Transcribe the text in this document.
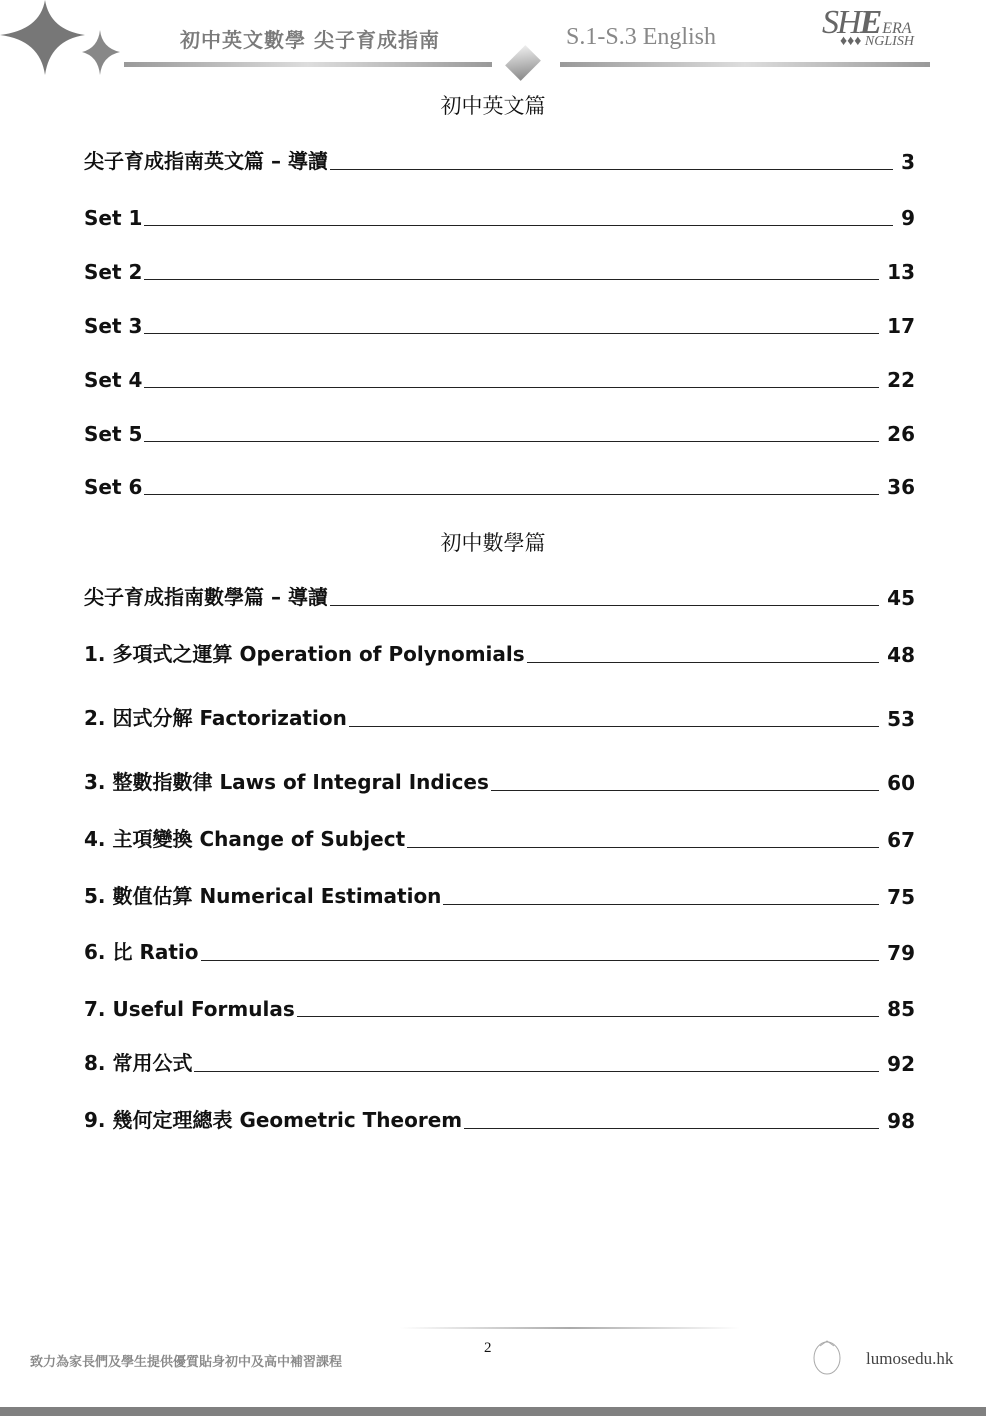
初中英文數學 尖子育成指南	S.1-S.3 English	SHEERA
♦♦♦ NGLISH
初中英文篇
尖子育成指南英文篇 – 導讀	3
Set 1	9
Set 2	13
Set 3	17
Set 4	22
Set 5	26
Set 6	36
初中數學篇
尖子育成指南數學篇 – 導讀	45
1. 多項式之運算 Operation of Polynomials	48
2. 因式分解 Factorization	53
3. 整數指數律 Laws of Integral Indices	60
4. 主項變換 Change of Subject	67
5. 數值估算 Numerical Estimation	75
6. 比 Ratio	79
7. Useful Formulas	85
8. 常用公式	92
9. 幾何定理總表 Geometric Theorem	98
致力為家長們及學生提供優質貼身初中及高中補習課程
2
lumosedu.hk
